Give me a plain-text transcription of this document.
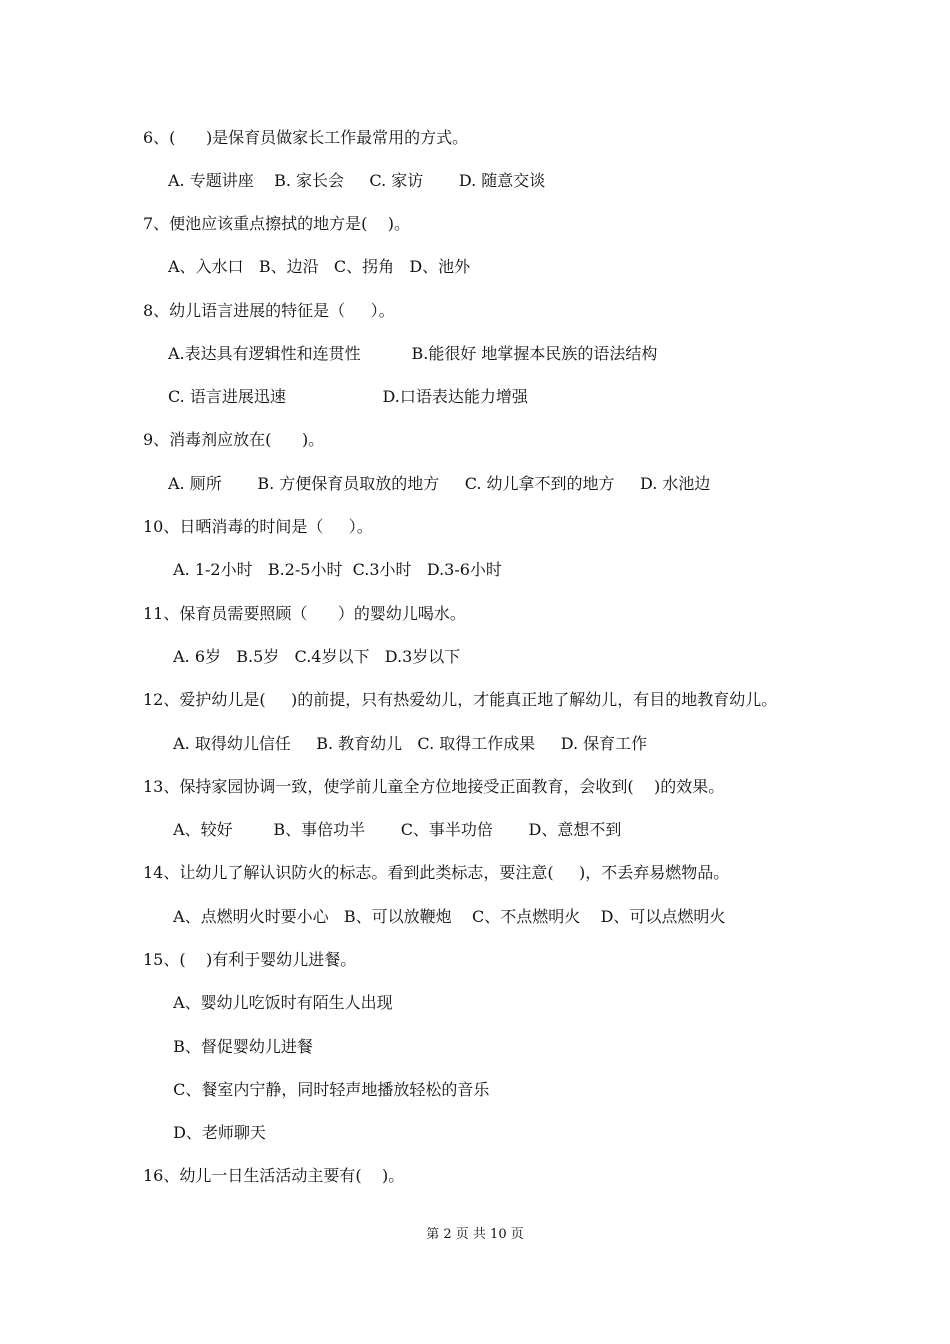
6、(      )是保育员做家长工作最常用的方式。
A. 专题讲座    B. 家长会     C. 家访       D. 随意交谈
7、便池应该重点擦拭的地方是(    )。
A、入水口   B、边沿   C、拐角   D、池外
8、幼儿语言进展的特征是（     ）。
A.表达具有逻辑性和连贯性          B.能很好 地掌握本民族的语法结构
C. 语言进展迅速                   D.口语表达能力增强
9、消毒剂应放在(      )。
A. 厕所       B. 方便保育员取放的地方     C. 幼儿拿不到的地方     D. 水池边
10、日晒消毒的时间是（     ）。
A. 1-2小时   B.2-5小时  C.3小时   D.3-6小时
11、保育员需要照顾（      ）的婴幼儿喝水。
A. 6岁   B.5岁   C.4岁以下   D.3岁以下
12、爱护幼儿是(     )的前提，只有热爱幼儿，才能真正地了解幼儿，有目的地教育幼儿。
A. 取得幼儿信任     B. 教育幼儿   C. 取得工作成果     D. 保育工作
13、保持家园协调一致，使学前儿童全方位地接受正面教育，会收到(    )的效果。
A、较好        B、事倍功半       C、事半功倍       D、意想不到
14、让幼儿了解认识防火的标志。看到此类标志，要注意(     )，不丢弃易燃物品。
A、点燃明火时要小心   B、可以放鞭炮    C、不点燃明火    D、可以点燃明火
15、(    )有利于婴幼儿进餐。
A、婴幼儿吃饭时有陌生人出现
B、督促婴幼儿进餐
C、餐室内宁静，同时轻声地播放轻松的音乐
D、老师聊天
16、幼儿一日生活活动主要有(    )。
第 2 页 共 10 页
